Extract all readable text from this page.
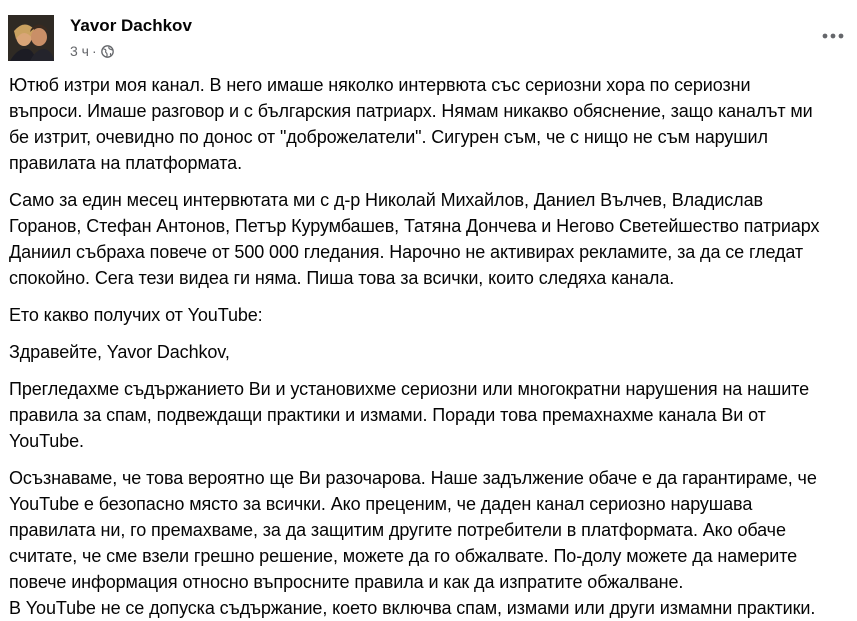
Yavor Dachkov
3 ч ·

Ютюб изтри моя канал. В него имаше няколко интервюта със сериозни хора по сериозни
въпроси. Имаше разговор и с българския патриарх. Нямам никакво обяснение, защо каналът ми
бе изтрит, очевидно по донос от "доброжелатели". Сигурен съм, че с нищо не съм нарушил
правилата на платформата.

Само за един месец интервютата ми с д-р Николай Михайлов, Даниел Вълчев, Владислав
Горанов, Стефан Антонов, Петър Курумбашев, Татяна Дончева и Негово Светейшество патриарх
Даниил събраха повече от 500 000 гледания. Нарочно не активирах рекламите, за да се гледат
спокойно. Сега тези видеа ги няма. Пиша това за всички, които следяха канала.

Ето какво получих от YouTube:

Здравейте, Yavor Dachkov,

Прегледахме съдържанието Ви и установихме сериозни или многократни нарушения на нашите
правила за спам, подвеждащи практики и измами. Поради това премахнахме канала Ви от
YouTube.

Осъзнаваме, че това вероятно ще Ви разочарова. Наше задължение обаче е да гарантираме, че
YouTube е безопасно място за всички. Ако преценим, че даден канал сериозно нарушава
правилата ни, го премахваме, за да защитим другите потребители в платформата. Ако обаче
считате, че сме взели грешно решение, можете да го обжалвате. По-долу можете да намерите
повече информация относно въпросните правила и как да изпратите обжалване.
В YouTube не се допуска съдържание, което включва спам, измами или други измамни практики.
